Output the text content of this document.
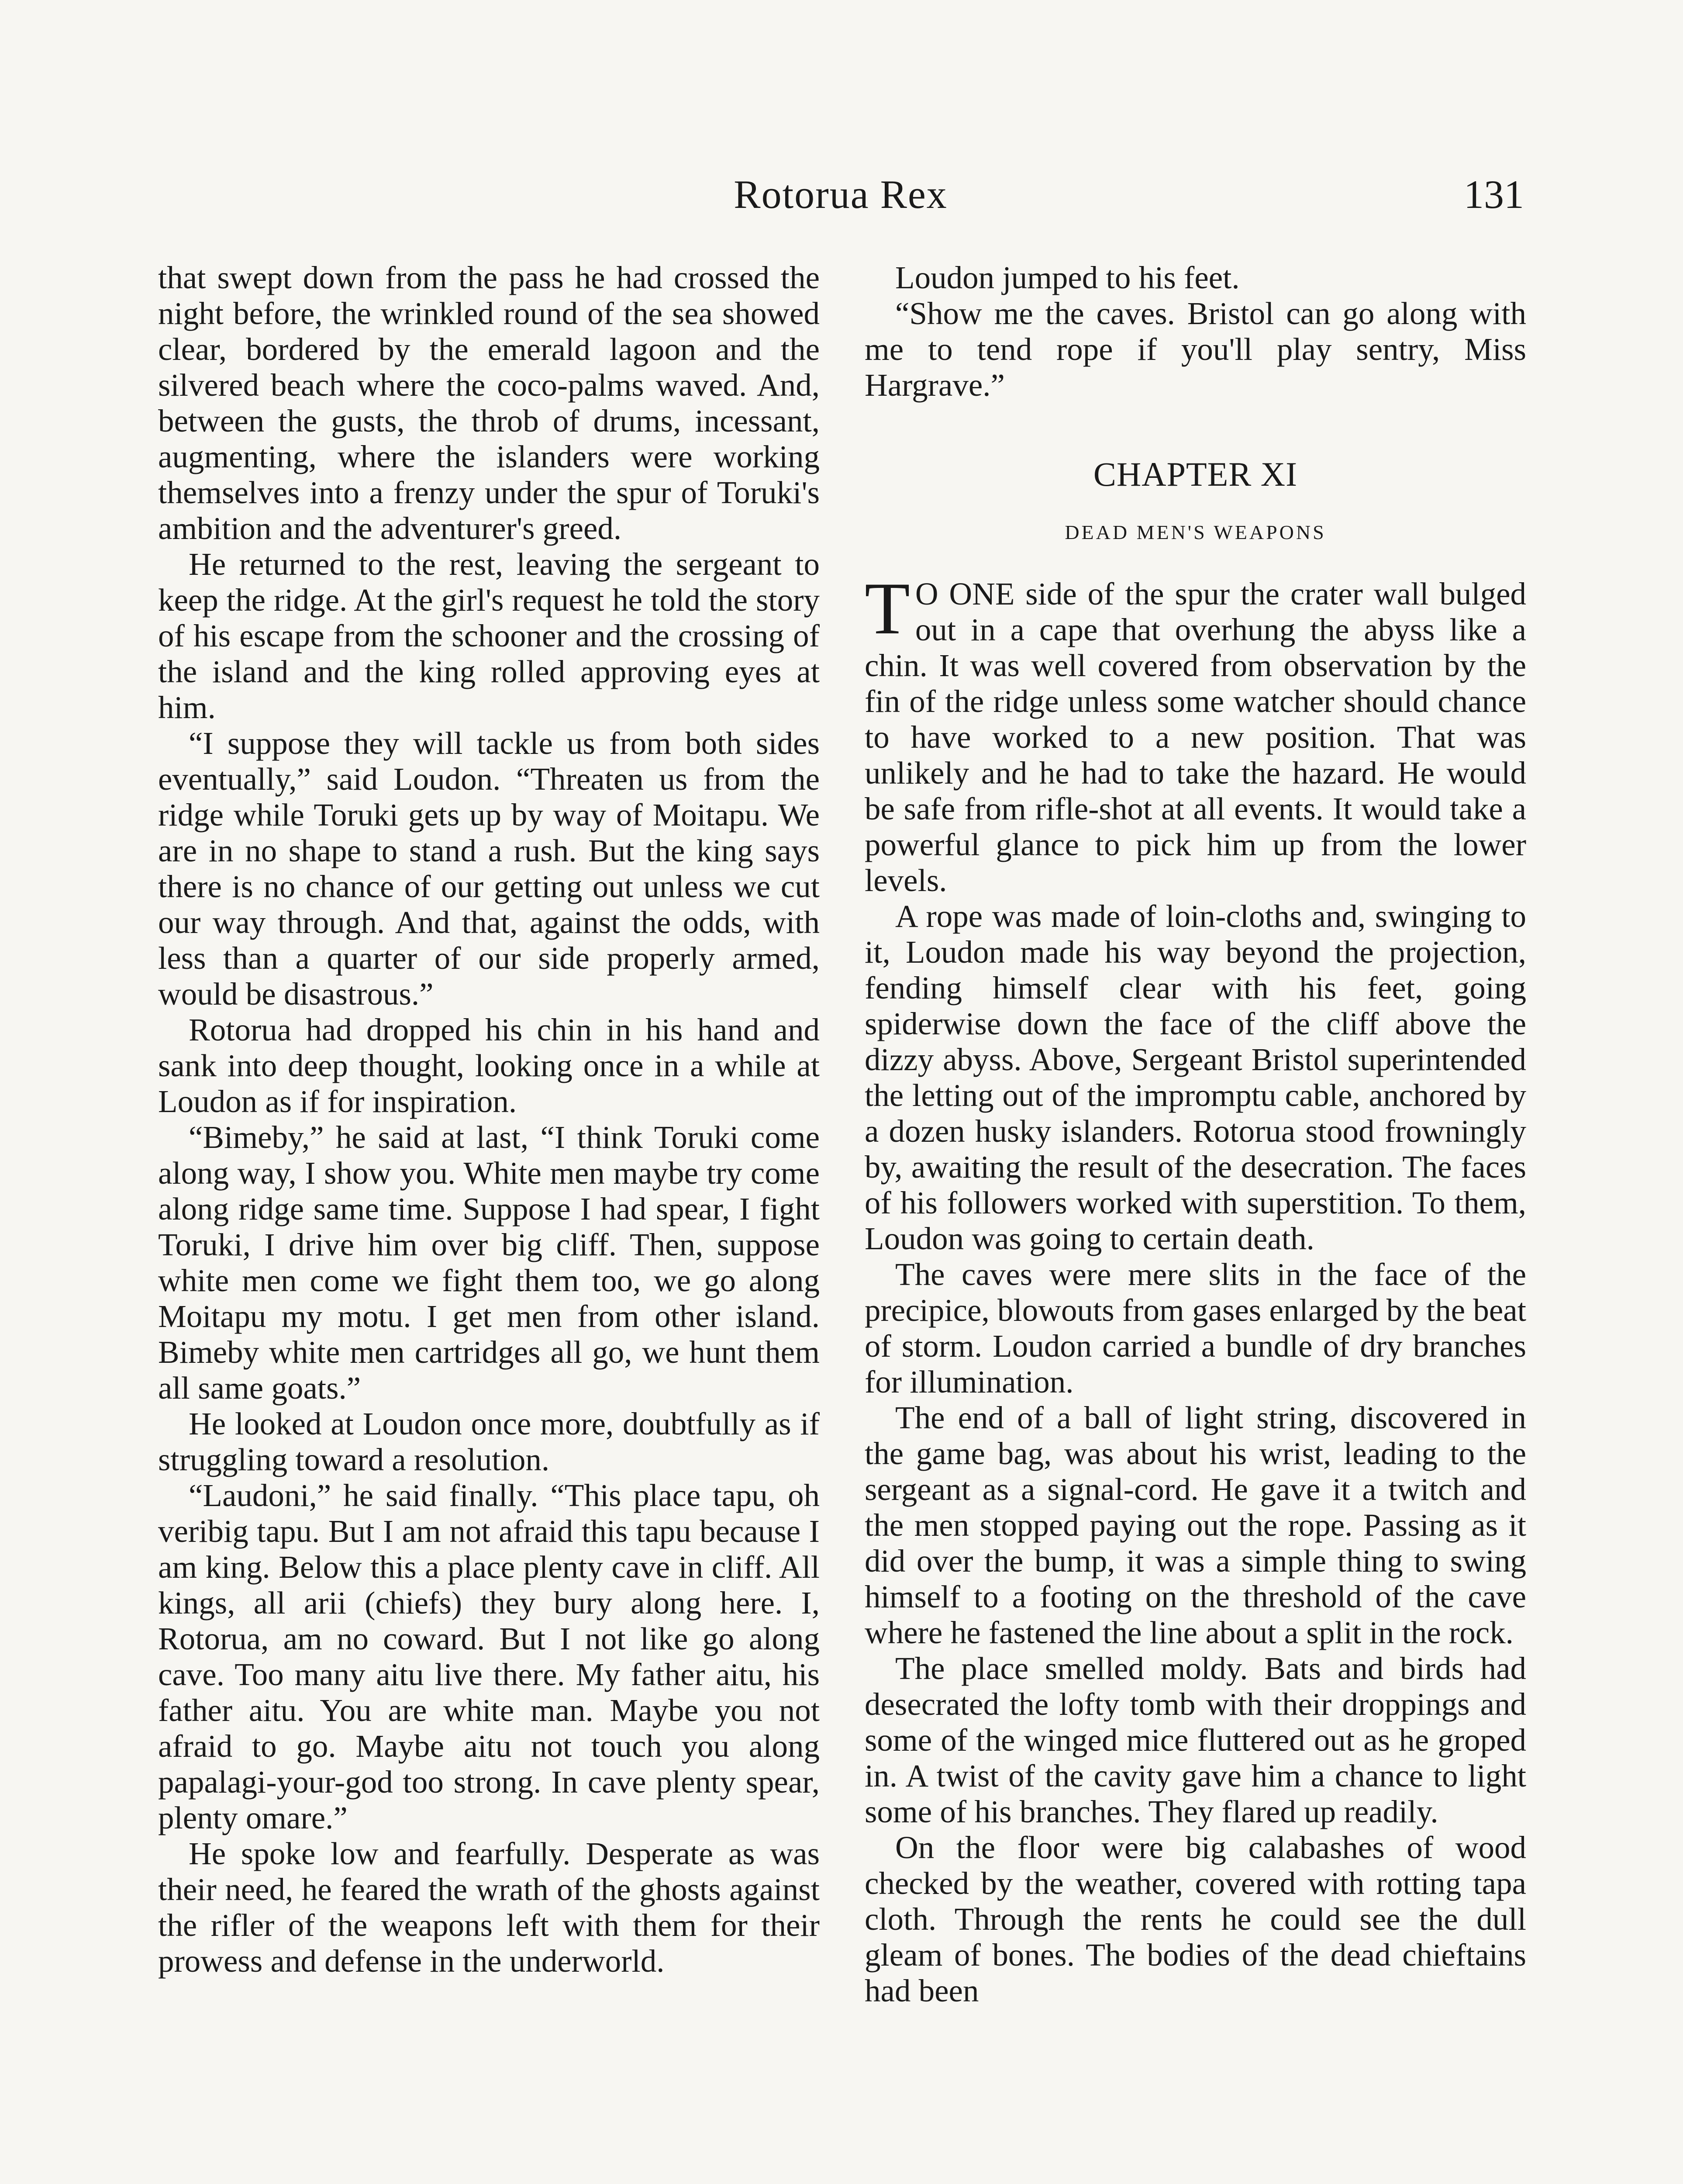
Rotorua Rex	131

that swept down from the pass he had crossed the night before, the wrinkled round of the sea showed clear, bordered by the emerald lagoon and the silvered beach where the coco-palms waved. And, between the gusts, the throb of drums, incessant, augmenting, where the islanders were working themselves into a frenzy under the spur of Toruki's ambition and the adventurer's greed.

He returned to the rest, leaving the sergeant to keep the ridge. At the girl's request he told the story of his escape from the schooner and the crossing of the island and the king rolled approving eyes at him.

“I suppose they will tackle us from both sides eventually,” said Loudon. “Threaten us from the ridge while Toruki gets up by way of Moitapu. We are in no shape to stand a rush. But the king says there is no chance of our getting out unless we cut our way through. And that, against the odds, with less than a quarter of our side properly armed, would be disastrous.”

Rotorua had dropped his chin in his hand and sank into deep thought, looking once in a while at Loudon as if for inspiration.

“Bimeby,” he said at last, “I think Toruki come along way, I show you. White men maybe try come along ridge same time. Suppose I had spear, I fight Toruki, I drive him over big cliff. Then, suppose white men come we fight them too, we go along Moitapu my motu. I get men from other island. Bimeby white men cartridges all go, we hunt them all same goats.”

He looked at Loudon once more, doubtfully as if struggling toward a resolution.

“Laudoni,” he said finally. “This place tapu, oh veribig tapu. But I am not afraid this tapu because I am king. Below this a place plenty cave in cliff. All kings, all arii (chiefs) they bury along here. I, Rotorua, am no coward. But I not like go along cave. Too many aitu live there. My father aitu, his father aitu. You are white man. Maybe you not afraid to go. Maybe aitu not touch you along papalagi-your-god too strong. In cave plenty spear, plenty omare.”

He spoke low and fearfully. Desperate as was their need, he feared the wrath of the ghosts against the rifler of the weapons left with them for their prowess and defense in the underworld.

Loudon jumped to his feet.

“Show me the caves. Bristol can go along with me to tend rope if you'll play sentry, Miss Hargrave.”

CHAPTER XI
DEAD MEN'S WEAPONS

T O ONE side of the spur the crater wall bulged out in a cape that overhung the abyss like a chin. It was well covered from observation by the fin of the ridge unless some watcher should chance to have worked to a new position. That was unlikely and he had to take the hazard. He would be safe from rifle-shot at all events. It would take a powerful glance to pick him up from the lower levels.

A rope was made of loin-cloths and, swinging to it, Loudon made his way beyond the projection, fending himself clear with his feet, going spiderwise down the face of the cliff above the dizzy abyss. Above, Sergeant Bristol superintended the letting out of the impromptu cable, anchored by a dozen husky islanders. Rotorua stood frowningly by, awaiting the result of the desecration. The faces of his followers worked with superstition. To them, Loudon was going to certain death.

The caves were mere slits in the face of the precipice, blowouts from gases enlarged by the beat of storm. Loudon carried a bundle of dry branches for illumination.

The end of a ball of light string, discovered in the game bag, was about his wrist, leading to the sergeant as a signal-cord. He gave it a twitch and the men stopped paying out the rope. Passing as it did over the bump, it was a simple thing to swing himself to a footing on the threshold of the cave where he fastened the line about a split in the rock.

The place smelled moldy. Bats and birds had desecrated the lofty tomb with their droppings and some of the winged mice fluttered out as he groped in. A twist of the cavity gave him a chance to light some of his branches. They flared up readily.

On the floor were big calabashes of wood checked by the weather, covered with rotting tapa cloth. Through the rents he could see the dull gleam of bones. The bodies of the dead chieftains had been
